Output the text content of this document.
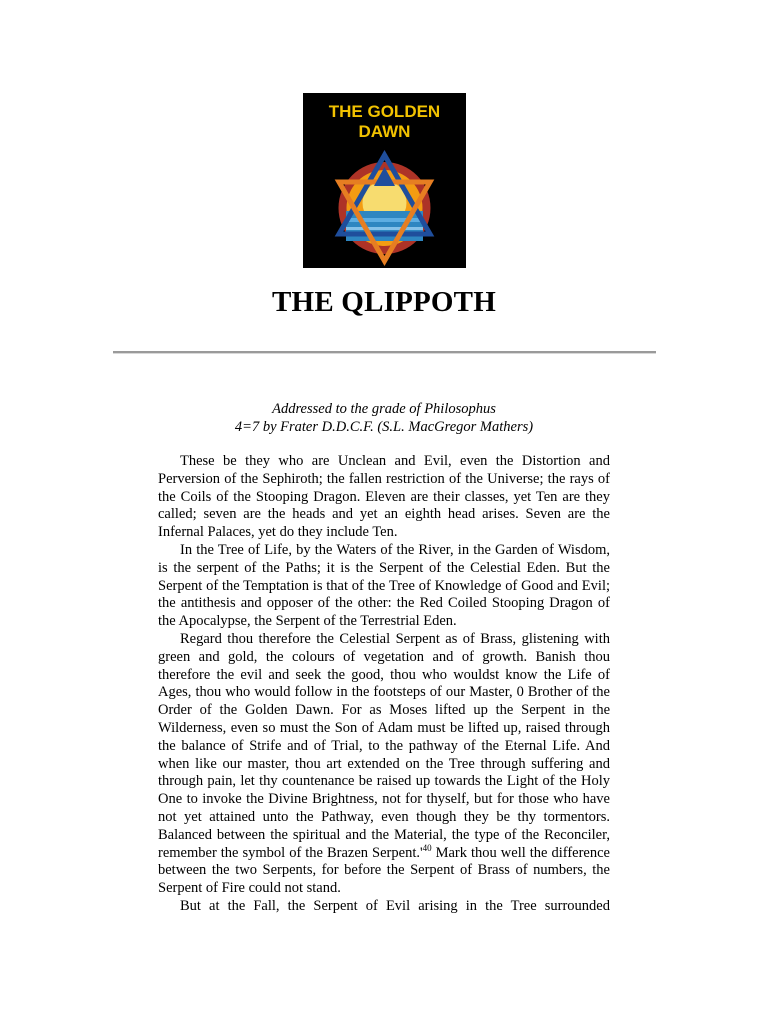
THE GOLDEN
DAWN
THE QLIPPOTH
Addressed to the grade of Philosophus
4=7 by Frater D.D.C.F. (S.L. MacGregor Mathers)

These be they who are Unclean and Evil, even the Distortion and Perversion of the Sephiroth; the fallen restriction of the Universe; the rays of the Coils of the Stooping Dragon. Eleven are their classes, yet Ten are they called; seven are the heads and yet an eighth head arises. Seven are the Infernal Palaces, yet do they include Ten.

In the Tree of Life, by the Waters of the River, in the Garden of Wisdom, is the serpent of the Paths; it is the Serpent of the Celestial Eden. But the Serpent of the Temptation is that of the Tree of Knowledge of Good and Evil; the antithesis and opposer of the other: the Red Coiled Stooping Dragon of the Apocalypse, the Serpent of the Terrestrial Eden.

Regard thou therefore the Celestial Serpent as of Brass, glistening with green and gold, the colours of vegetation and of growth. Banish thou therefore the evil and seek the good, thou who wouldst know the Life of Ages, thou who would follow in the footsteps of our Master, 0 Brother of the Order of the Golden Dawn. For as Moses lifted up the Serpent in the Wilderness, even so must the Son of Adam must be lifted up, raised through the balance of Strife and of Trial, to the pathway of the Eternal Life. And when like our master, thou art extended on the Tree through suffering and through pain, let thy countenance be raised up towards the Light of the Holy One to invoke the Divine Brightness, not for thyself, but for those who have not yet attained unto the Pathway, even though they be thy tormentors. Balanced between the spiritual and the Material, the type of the Reconciler, remember the symbol of the Brazen $Serpent.'^{40}$ Mark thou well the difference between the two Serpents, for before the Serpent of Brass of numbers, the Serpent of Fire could not stand.

But at the Fall, the Serpent of Evil arising in the Tree surrounded
